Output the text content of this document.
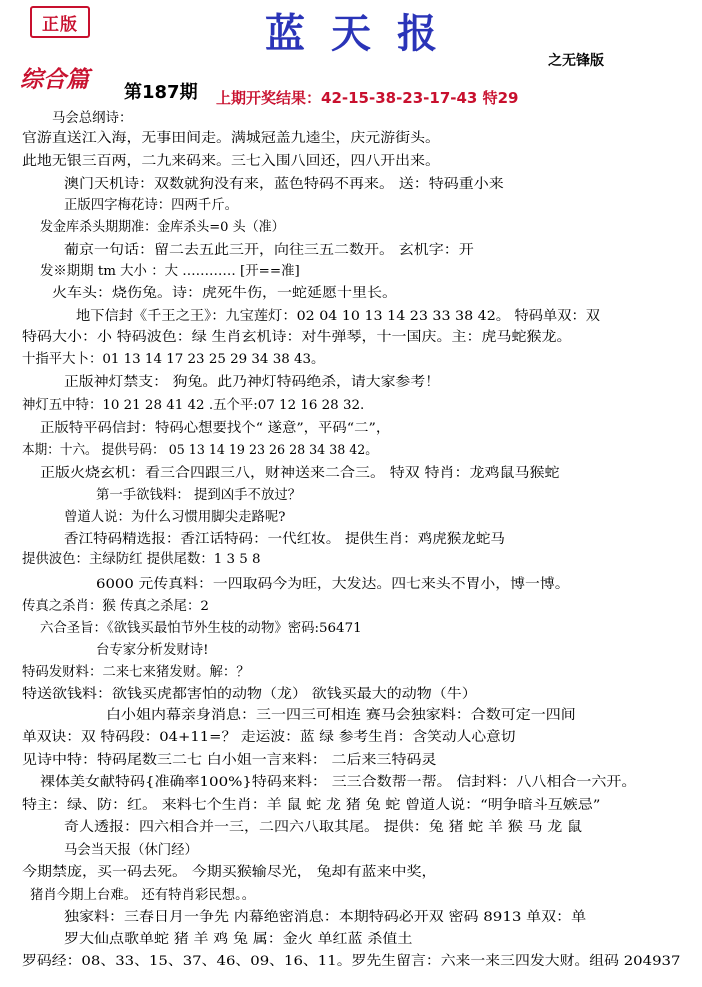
正版	蓝天报
之无锋版
综合篇 第187期 上期开奖结果：42-15-38-23-17-43 特29
马会总纲诗：
官游直送江入海，无事田间走。满城冠盖九逵尘，庆元游街头。
此地无银三百两，二九来码来。三七入围八回还，四八开出来。
澳门天机诗：双数就狗没有来，蓝色特码不再来。 送：特码重小来
正版四字梅花诗：四两千斤。
发金库杀头期期准：金库杀头=0 头（准）
葡京一句话：留二去五此三开，向往三五二数开。 玄机字：开
发※期期 tm 大小 ：大 ………… [开==准]
火车头：烧伤兔。诗：虎死牛伤，一蛇延愿十里长。
地下信封《千王之王》：九宝莲灯：02 04 10 13 14 23 33 38 42。 特码单双：双
特码大小：小 特码波色：绿 生肖玄机诗：对牛弹琴，十一国庆。主：虎马蛇猴龙。
十指平大卜：01 13 14 17 23 25 29 34 38 43。
正版神灯禁支： 狗兔。此乃神灯特码绝杀，请大家参考！
神灯五中特：10 21 28 41 42 .五个平:07 12 16 28 32.
正版特平码信封：特码心想要找个“ 遂意”，平码“二”，
本期：十六。 提供号码： 05 13 14 19 23 26 28 34 38 42。
正版火烧玄机：看三合四跟三八，财神送来二合三。 特双 特肖：龙鸡鼠马猴蛇
第一手欲钱料： 提到凶手不放过？
曾道人说：为什么习惯用脚尖走路呢?
香江特码精选报：香江话特码：一代红妆。 提供生肖：鸡虎猴龙蛇马
提供波色：主绿防红 提供尾数：1 3 5 8
6000 元传真料：一四取码今为旺，大发达。四七来头不胃小，博一博。
传真之杀肖：猴 传真之杀尾：2
六合圣旨：《欲钱买最怕节外生枝的动物》密码:56471
台专家分析发财诗!
特码发财料：二来七来猪发财。解：？
特送欲钱料：欲钱买虎都害怕的动物（龙） 欲钱买最大的动物（牛）
白小姐内幕亲身消息：三一四三可相连 赛马会独家料：合数可定一四间
单双诀：双 特码段：04+11=？ 走运波：蓝 绿 参考生肖：含笑动人心意切
见诗中特：特码尾数三二七 白小姐一言来料： 二后来三特码灵
裸体美女献特码{准确率100%}特码来料： 三三合数帮一帮。 信封料：八八相合一六开。
特主：绿、防：红。 来料七个生肖：羊 鼠 蛇 龙 猪 兔 蛇 曾道人说：“明争暗斗互嫉忌”
奇人透报：四六相合并一三，二四六八取其尾。 提供：兔 猪 蛇 羊 猴 马 龙 鼠
马会当天报（休门经）
今期禁庞，买一码去死。 今期买猴输尽光， 兔却有蓝来中奖，
猪肖今期上台难。 还有特肖彩民想。。
独家料：三春日月一争先 内幕绝密消息：本期特码必开双 密码 8913 单双：单
罗大仙点歌单蛇 猪 羊 鸡 兔 属：金火 单红蓝 杀值土
罗码经：08、33、15、37、46、09、16、11。罗先生留言：六来一来三四发大财。组码 204937
